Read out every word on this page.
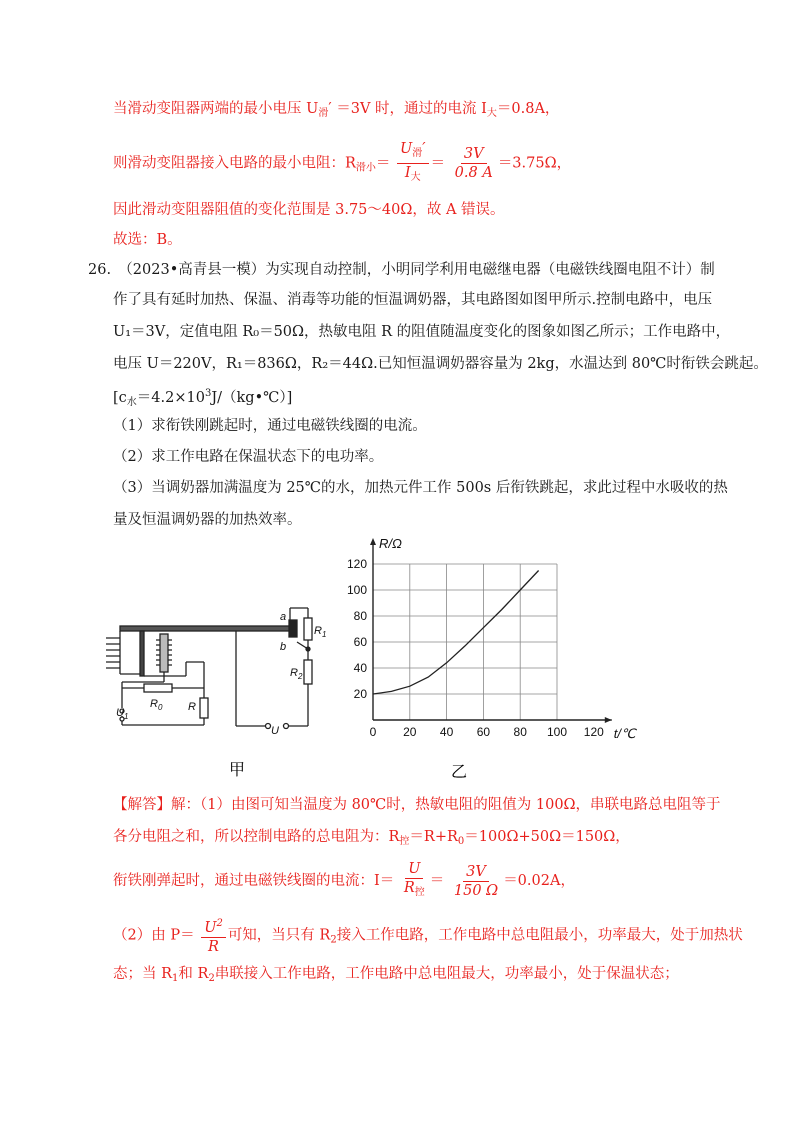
当滑动变阻器两端的最小电压 $U_滑' =3V$ 时，通过的电流 $I_大=0.8A$，
则滑动变阻器接入电路的最小电阻：$R_{滑小}= \frac{U_滑'}{I_大} = \frac{3V}{0.8 A} =3.75\Omega$，
因此滑动变阻器阻值的变化范围是 3.75～40Ω，故 A 错误。
故选：B。
26.　（2023•高青县一模）为实现自动控制，小明同学利用电磁继电器（电磁铁线圈电阻不计）制
作了具有延时加热、保温、消毒等功能的恒温调奶器，其电路图如图甲所示.控制电路中，电压
U₁＝3V，定值电阻 R₀＝50Ω，热敏电阻 R 的阻值随温度变化的图象如图乙所示；工作电路中，
电压 U＝220V，R₁＝836Ω，R₂＝44Ω.已知恒温调奶器容量为 2kg，水温达到 80℃时衔铁会跳起。
$[c_水=4.2\times 10^3J/(kg•℃)]$
（1）求衔铁刚跳起时，通过电磁铁线圈的电流。
（2）求工作电路在保温状态下的电功率。
（3）当调奶器加满温度为 25℃的水，加热元件工作 500s 后衔铁跳起，求此过程中水吸收的热
量及恒温调奶器的加热效率。
a
b
$R_1$
$R_2$
$R_0$ R
$U_1$
U
甲
0 20 40 60 80 100 120
20
40
60
80
100
120
R/Ω
t/℃
乙
【解答】解：（1）由图可知当温度为 80℃时，热敏电阻的阻值为 100Ω，串联电路总电阻等于
各分电阻之和，所以控制电路的总电阻为：$R_控=R+R_0=100\Omega+50\Omega=150\Omega$，
衔铁刚弹起时，通过电磁铁线圈的电流：$I= \frac{U}{R_控} = \frac{3V}{150 \Omega} =0.02A$，
（2）由 $P= \frac{U^2}{R}$ 可知，当只有 $R_2$接入工作电路，工作电路中总电阻最小，功率最大，处于加热状
态；当 $R_1$和 $R_2$串联接入工作电路，工作电路中总电阻最大，功率最小，处于保温状态；
